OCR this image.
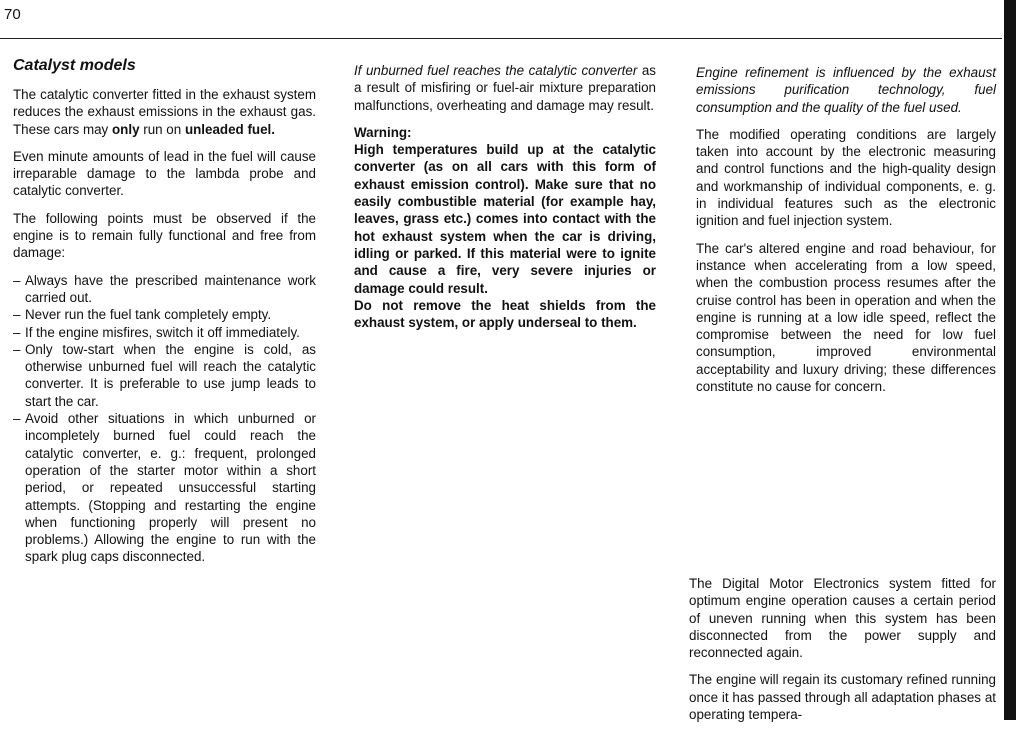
70
Catalyst models

The catalytic converter fitted in the exhaust system reduces the exhaust emissions in the exhaust gas. These cars may only run on unleaded fuel.

Even minute amounts of lead in the fuel will cause irreparable damage to the lambda probe and catalytic converter.

The following points must be observed if the engine is to remain fully functional and free from damage:

– Always have the prescribed maintenance work carried out.
– Never run the fuel tank completely empty.
– If the engine misfires, switch it off immediately.
– Only tow-start when the engine is cold, as otherwise unburned fuel will reach the catalytic converter. It is preferable to use jump leads to start the car.
– Avoid other situations in which unburned or incompletely burned fuel could reach the catalytic converter, e. g.: frequent, prolonged operation of the starter motor within a short period, or repeated unsuccessful starting attempts. (Stopping and restarting the engine when functioning properly will present no problems.) Allowing the engine to run with the spark plug caps disconnected.

If unburned fuel reaches the catalytic converter as a result of misfiring or fuel-air mixture preparation malfunctions, overheating and damage may result.

Warning:

High temperatures build up at the catalytic converter (as on all cars with this form of exhaust emission control). Make sure that no easily combustible material (for example hay, leaves, grass etc.) comes into contact with the hot exhaust system when the car is driving, idling or parked. If this material were to ignite and cause a fire, very severe injuries or damage could result.

Do not remove the heat shields from the exhaust system, or apply underseal to them.

Engine refinement is influenced by the exhaust emissions purification technology, fuel consumption and the quality of the fuel used.

The modified operating conditions are largely taken into account by the electronic measuring and control functions and the high-quality design and workmanship of individual components, e. g. in individual features such as the electronic ignition and fuel injection system.

The car's altered engine and road behaviour, for instance when accelerating from a low speed, when the combustion process resumes after the cruise control has been in operation and when the engine is running at a low idle speed, reflect the compromise between the need for low fuel consumption, improved environmental acceptability and luxury driving; these differences constitute no cause for concern.

The Digital Motor Electronics system fitted for optimum engine operation causes a certain period of uneven running when this system has been disconnected from the power supply and reconnected again.

The engine will regain its customary refined running once it has passed through all adaptation phases at operating tempera-
